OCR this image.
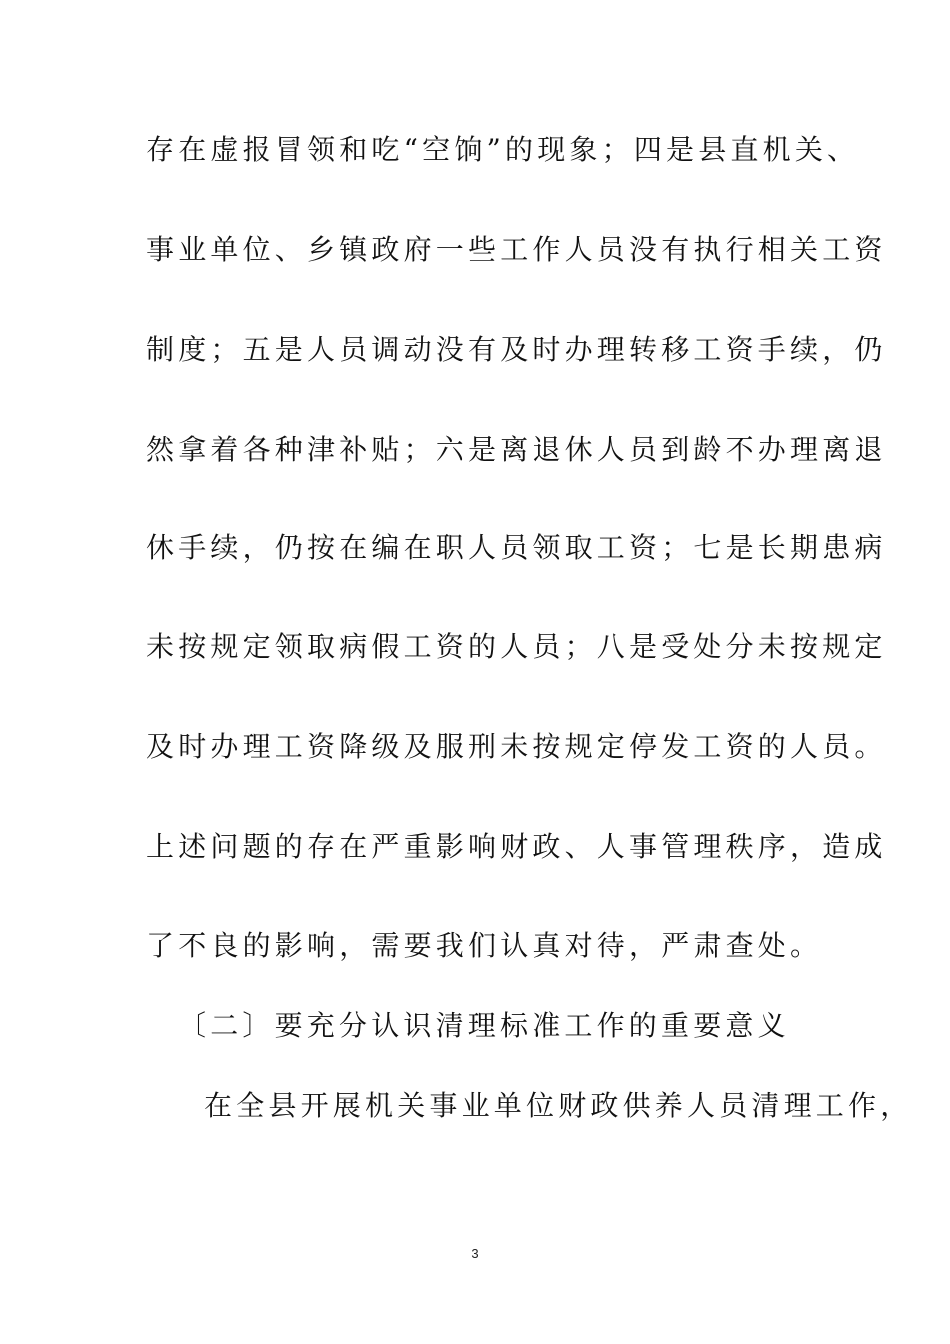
存在虚报冒领和吃“空饷”的现象；四是县直机关、
事业单位、乡镇政府一些工作人员没有执行相关工资
制度；五是人员调动没有及时办理转移工资手续，仍
然拿着各种津补贴；六是离退休人员到龄不办理离退
休手续，仍按在编在职人员领取工资；七是长期患病
未按规定领取病假工资的人员；八是受处分未按规定
及时办理工资降级及服刑未按规定停发工资的人员。
上述问题的存在严重影响财政、人事管理秩序，造成
了不良的影响，需要我们认真对待，严肃查处。
〔二〕要充分认识清理标准工作的重要意义
在全县开展机关事业单位财政供养人员清理工作，
3
